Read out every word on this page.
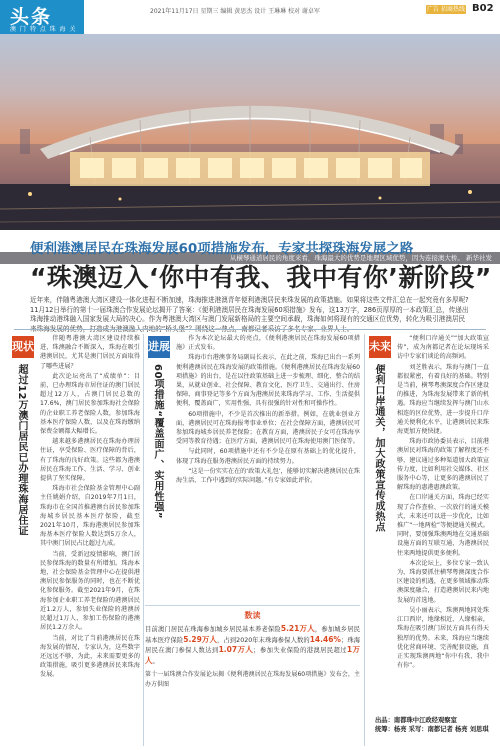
头条
澳 门 特 点 珠 海 关
2021年11月17日 星期三 编辑 黄思杰 设计 王琳琳 校对 谢卓军	广告 招商热线 B02
从横琴通道居民的角度来看，珠海最大的优势是地理区域优势，因为连接澳大桥。 新华社发
便利港澳居民在珠海发展60项措施发布，专家共探珠海发展之路
“珠澳迈入‘你中有我、我中有你’新阶段”
近年来，伴随粤港澳大湾区建设一体化进程不断加速，珠海推进港澳青年便利港澳居民来珠发展的政策措施。如果将这些文件汇总在一起究竟有多厚呢?11月12日举行的第十一届珠澳合作发展论坛揭开了答案：《便利港澳居民在珠海发展60项措施》发布，这13万字，286页厚厚的一本政策汇总，传递出珠海推动港珠融入国家发展大局的决心。作为粤港澳大湾区与澳门发展新格局的主要空间承载，珠海如何将现有的交通区位优势，转化为吸引港澳居民
现状
超过12万澳门居民已办理珠海居住证

伴随粤港澳大湾区建设持续推进，珠澳融合不断深入，珠海在吸引港澳居民，尤其是澳门居民方面取得了哪些进展？

此次论坛亮出了“成绩单”：目前，已办理珠海市居住证的澳门居民超过12万人，占澳门居民总数的17.6%，澳门居民参加珠海社会保险的企业职工养老保险人数，参加珠海基本医疗保险人数，以及在珠海缴纳保费金额都大幅增长。

越来越多港澳居民在珠海办理居住证，享受保险、医疗保障的背后，有了珠海的良好政策。这些都为港澳居民在珠海工作、生活、学习、创业提供了坚实保障。

珠海市社会保险基金管理中心副主任姚娟介绍，自2019年7月1日，珠海市在全国首推港澳台居民参加珠海城乡居民基本医疗保险，截至2021年10月，珠海港澳居民参加珠海基本医疗保险人数达到5万余人，其中澳门居民占比超过九成。

当前，受新冠疫情影响，澳门居民参保珠海的数量有所增加。珠海本地，社会保险基金管理中心在提供港澳居民参保服务的同时，也在不断优化参保服务。截至2021年9月，在珠海参加企业职工养老保险的港澳居民近1.2万人，参加失业保险的港澳居民超过1万人，参加工伤保险的港澳居民1.2万余人。

当前，对比了当前港澳居民在珠海发展的情况，专家认为，这些数字还远远不够，为此，未来需要更多的政策措施，吸引更多港澳居民来珠海发展。

进展
60项措施“覆盖面广、实用性强”

作为本次论坛最大的亮点，《便利港澳居民在珠海发展60项措施》正式发布。

珠海市台港澳事务局副局长表示，在此之前，珠海已出台一系列便利港澳居民在珠海发展的政策措施。《便利港澳居民在珠海发展60项措施》的出台，是在以往政策基础上进一步梳理、细化、整合的结果，从就业创业、社会保障、教育文化、医疗卫生、交通出行、住房保障、商事登记等多个方面为港澳居民来珠海学习、工作、生活提供便利，覆盖面广，实用性强，具有很强的针对性和可操作性。

60项措施中，不少是首次推出的新举措。例如，在就业创业方面，港澳居民可在珠海报考事业单位；在社会保障方面，港澳居民可参加珠海城乡居民养老保险；在教育方面，港澳居民子女可在珠海享受同等教育待遇；在医疗方面，港澳居民可在珠海使用澳门医保等。

与此同时，60项措施中还有不少是在原有基础上的优化提升，体现了珠海在服务港澳居民方面的持续努力。

“这是一份实实在在的‘政策大礼包’，能够切实解决港澳居民在珠海生活、工作中遇到的实际问题。”有专家如此评价。

数读

目前澳门居民在珠海参加城乡居民基本养老保险5.21万人，参加城乡居民基本医疗保险5.29万人，占到2020年末珠海参保人数的14.46%；珠海居民在澳门参保人数达到1.07万人；参加失业保险的港澳居民超过1万人。

第十一届珠澳合作发展论坛揭《便利港澳居民在珠海发展60项措施》发布会，主办方供图

未来
便利口岸通关，加大政策宣传成热点

“便利口岸通关”“加大政策宣传”，成为南都记者在论坛现场采访中专家们谈论的高频词。

刘芝胜表示，珠海与澳门一直都很紧密，有着良好的基础。特别是当前，横琴粤澳深度合作区建设的推进，为珠海发展带来了新的机遇。珠海应当继续发挥与澳门山水相连的区位优势，进一步提升口岸通关便利化水平，让港澳居民来珠海更加方便快捷。

珠海市政协委员表示，目前港澳居民对珠海的政策了解程度还不够，建议通过多种渠道加大政策宣传力度，比如利用社交媒体、社区服务中心等，让更多的港澳居民了解珠海的惠港惠澳政策。

在口岸通关方面，珠海已经实现了合作查验、一次放行的通关模式，未来还可以进一步优化，比如推广“一地两检”等便捷通关模式。同时，要加强珠澳两地在交通基础设施方面的互联互通，为港澳居民往来两地提供更多便利。

本次论坛上，多位专家一致认为，珠海要抓住横琴粤澳深度合作区建设的机遇，在更多领域推动珠澳深度融合，打造港澳居民来内地发展的首选地。

吴小丽表示，珠澳两地同处珠江口西岸，地缘相近、人缘相亲，珠海在吸引澳门居民方面具有得天独厚的优势。未来，珠海应当继续优化营商环境、完善配套设施，真正实现珠澳两地“你中有我、我中有你”。

出品：南都珠中江政经观察室
统筹：杨亮 采写：南都记者 杨亮 刘思琪
